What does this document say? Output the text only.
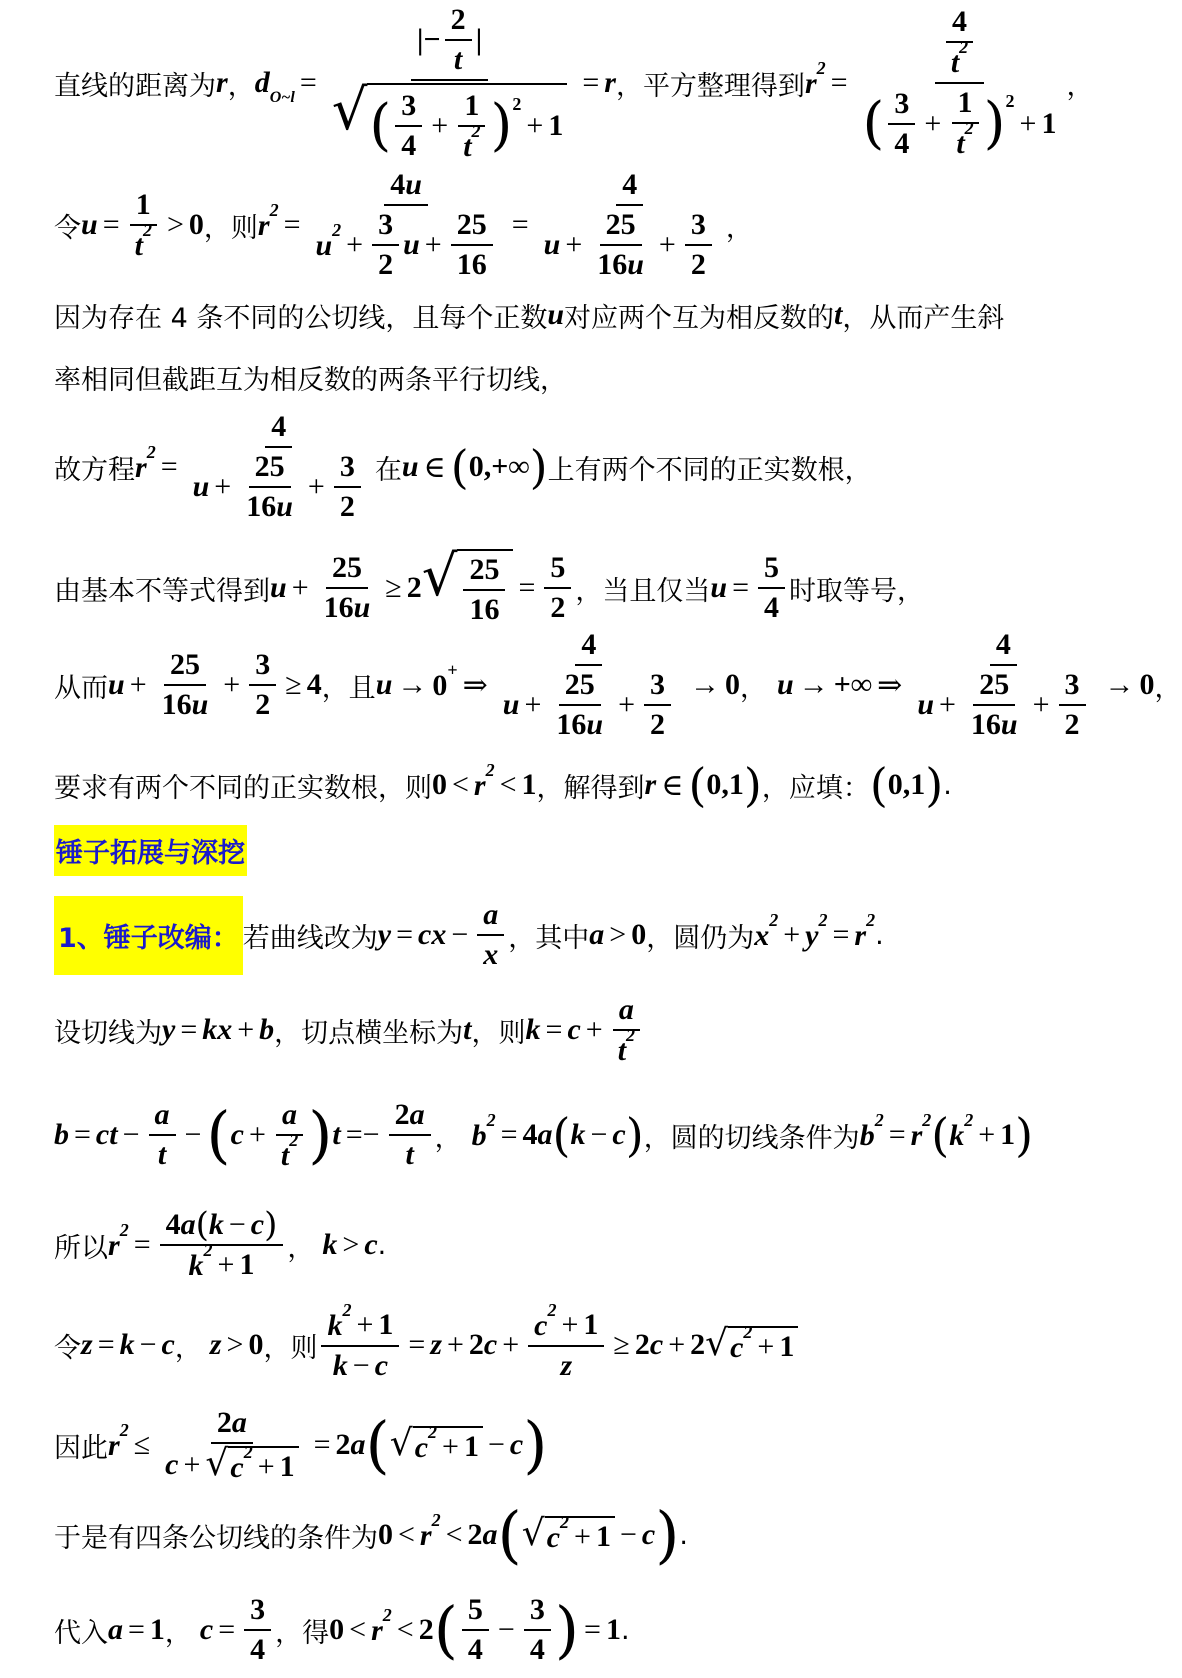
直线的距离为 r ， $d_{O\sim l}$ = |− $\frac{2}{t}$ |
√ ( $\frac{3}{4} + \frac{1}{t^2}$ ) 2
+ 1 = r ， 平方整理得到 $r^2 = \frac{4}{t^2}$
( $\frac{3}{4} + \frac{1}{t^2}$ ) 2
+ 1 ，
令 $u = \frac{1}{t^2} > 0$ ， 则 $r^2 = \frac{4 u}{u^2 + \frac{3}{2} u + \frac{25}{16}} = \frac{4}{u + \frac{25}{16 u} + \frac{3}{2}}$ ，
因为存在 4 条不同的公切线，且每个正数 u 对应两个互为相反数的 t ，从而产生斜
率相同但截距互为相反数的两条平行切线，
故方程 $r^2 = \frac{4}{u + \frac{25}{16 u} + \frac{3}{2}}$ 在 u ∈ ( 0,+∞ ) 上有两个不同的正实数根，
由基本不等式得到 $u + \frac{25}{16 u} \ge 2$ √ $\frac{25}{16} = \frac{5}{2}$ ，当且仅当 $u = \frac{5}{4}$ 时取等号，
从而 $u + \frac{25}{16 u} + \frac{3}{2} \ge 4$ ，且 u → 0+ ⇒ $\frac{4}{u + \frac{25}{16 u} + \frac{3}{2}} \to 0$ ， u → +∞ ⇒ $\frac{4}{u + \frac{25}{16 u} + \frac{3}{2}} \to 0$ ，
要求有两个不同的正实数根，则 $0 < r^2 < 1$ ，解得到 r ∈ ( 0,1 ) ，应填： ( 0,1 ) .
锤子拓展与深挖
1、锤子改编： 若曲线改为 y = cx − $\frac{a}{x}$ ，其中 a > 0 ，圆仍为 $x^2 + y^2 = r^2$ .
设切线为 y = kx + b ，切点横坐标为 t ，则 $k = c + \frac{a}{t^2}$
b = ct − $\frac{a}{t}$ − ( $c + \frac{a}{t^2}$ ) $t =- \frac{2 a}{t}$ ， $b^2 = 4$ a ( k − c ) ，圆的切线条件为 $b^2 = r^2$ ( $k^2 + 1$ )
所以 $r^2 = \frac{4 a ( k - c )}{k^2 + 1}$ ， k > c .
令 z = k − c ， z > 0 ， 则 $\frac{k^2 + 1}{k - c} = z + 2$ $c + \frac{c^2 + 1}{z} \ge 2$ c + 2 √ $c^2 + 1$
因此 $r^2 \le \frac{2 a}{c + √ c^2 + 1} = 2$ a ( √ $c^2 + 1 - c$ )
于是有四条公切线的条件为 $0 < r^2 < 2$ a ( √ $c^2 + 1 - c$ ) .
代入 a = 1 ， $c = \frac{3}{4}$ ， 得 $0 < r^2 < 2$ ( $\frac{5}{4} - \frac{3}{4}$ ) = 1 .
